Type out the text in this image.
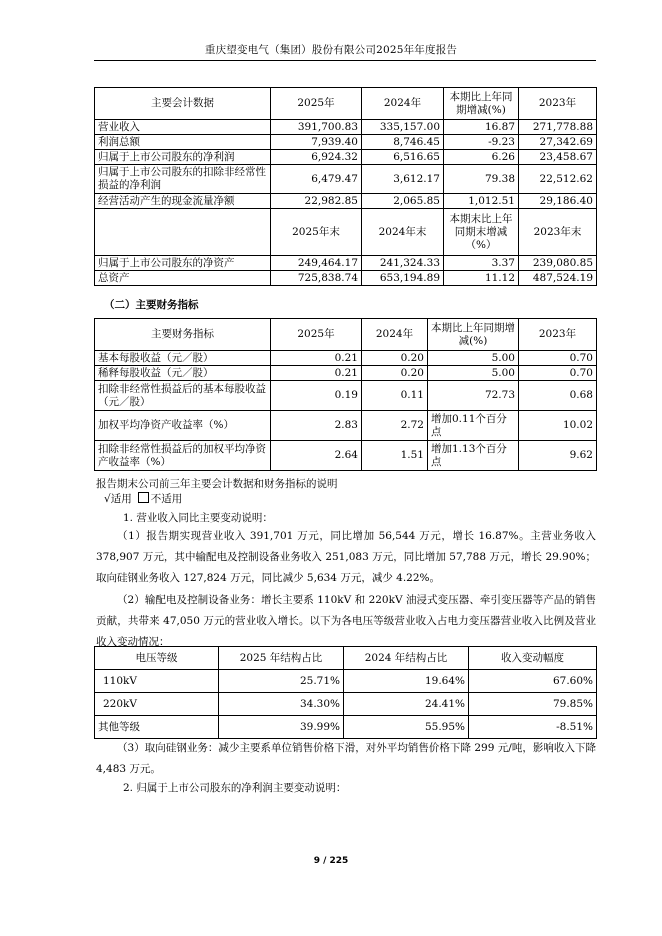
重庆望变电气（集团）股份有限公司2025年年度报告
主要会计数据	2025年	2024年	本期比上年同期增减(%)	2023年
营业收入	391,700.83	335,157.00	16.87	271,778.88
利润总额	7,939.40	8,746.45	-9.23	27,342.69
归属于上市公司股东的净利润	6,924.32	6,516.65	6.26	23,458.67
归属于上市公司股东的扣除非经常性损益的净利润	6,479.47	3,612.17	79.38	22,512.62
经营活动产生的现金流量净额	22,982.85	2,065.85	1,012.51	29,186.40
	2025年末	2024年末	本期末比上年同期末增减（%）	2023年末
归属于上市公司股东的净资产	249,464.17	241,324.33	3.37	239,080.85
总资产	725,838.74	653,194.89	11.12	487,524.19
（二）主要财务指标
主要财务指标	2025年	2024年	本期比上年同期增减(%)	2023年
基本每股收益（元／股）	0.21	0.20	5.00	0.70
稀释每股收益（元／股）	0.21	0.20	5.00	0.70
扣除非经常性损益后的基本每股收益（元／股）	0.19	0.11	72.73	0.68
加权平均净资产收益率（%）	2.83	2.72	增加0.11个百分点	10.02
扣除非经常性损益后的加权平均净资产收益率（%）	2.64	1.51	增加1.13个百分点	9.62
报告期末公司前三年主要会计数据和财务指标的说明
√适用 不适用
1. 营业收入同比主要变动说明：
（1）报告期实现营业收入 391,701 万元，同比增加 56,544 万元，增长 16.87%。主营业务收入 378,907 万元，其中输配电及控制设备业务收入 251,083 万元，同比增加 57,788 万元，增长 29.90%；取向硅钢业务收入 127,824 万元，同比减少 5,634 万元，减少 4.22%。
（2）输配电及控制设备业务：增长主要系 110kV 和 220kV 油浸式变压器、牵引变压器等产品的销售贡献，共带来 47,050 万元的营业收入增长。以下为各电压等级营业收入占电力变压器营业收入比例及营业收入变动情况：
电压等级	2025 年结构占比	2024 年结构占比	收入变动幅度
110kV	25.71%	19.64%	67.60%
220kV	34.30%	24.41%	79.85%
其他等级	39.99%	55.95%	-8.51%
（3）取向硅钢业务：减少主要系单位销售价格下滑，对外平均销售价格下降 299 元/吨，影响收入下降 4,483 万元。
2. 归属于上市公司股东的净利润主要变动说明：
9 / 225
